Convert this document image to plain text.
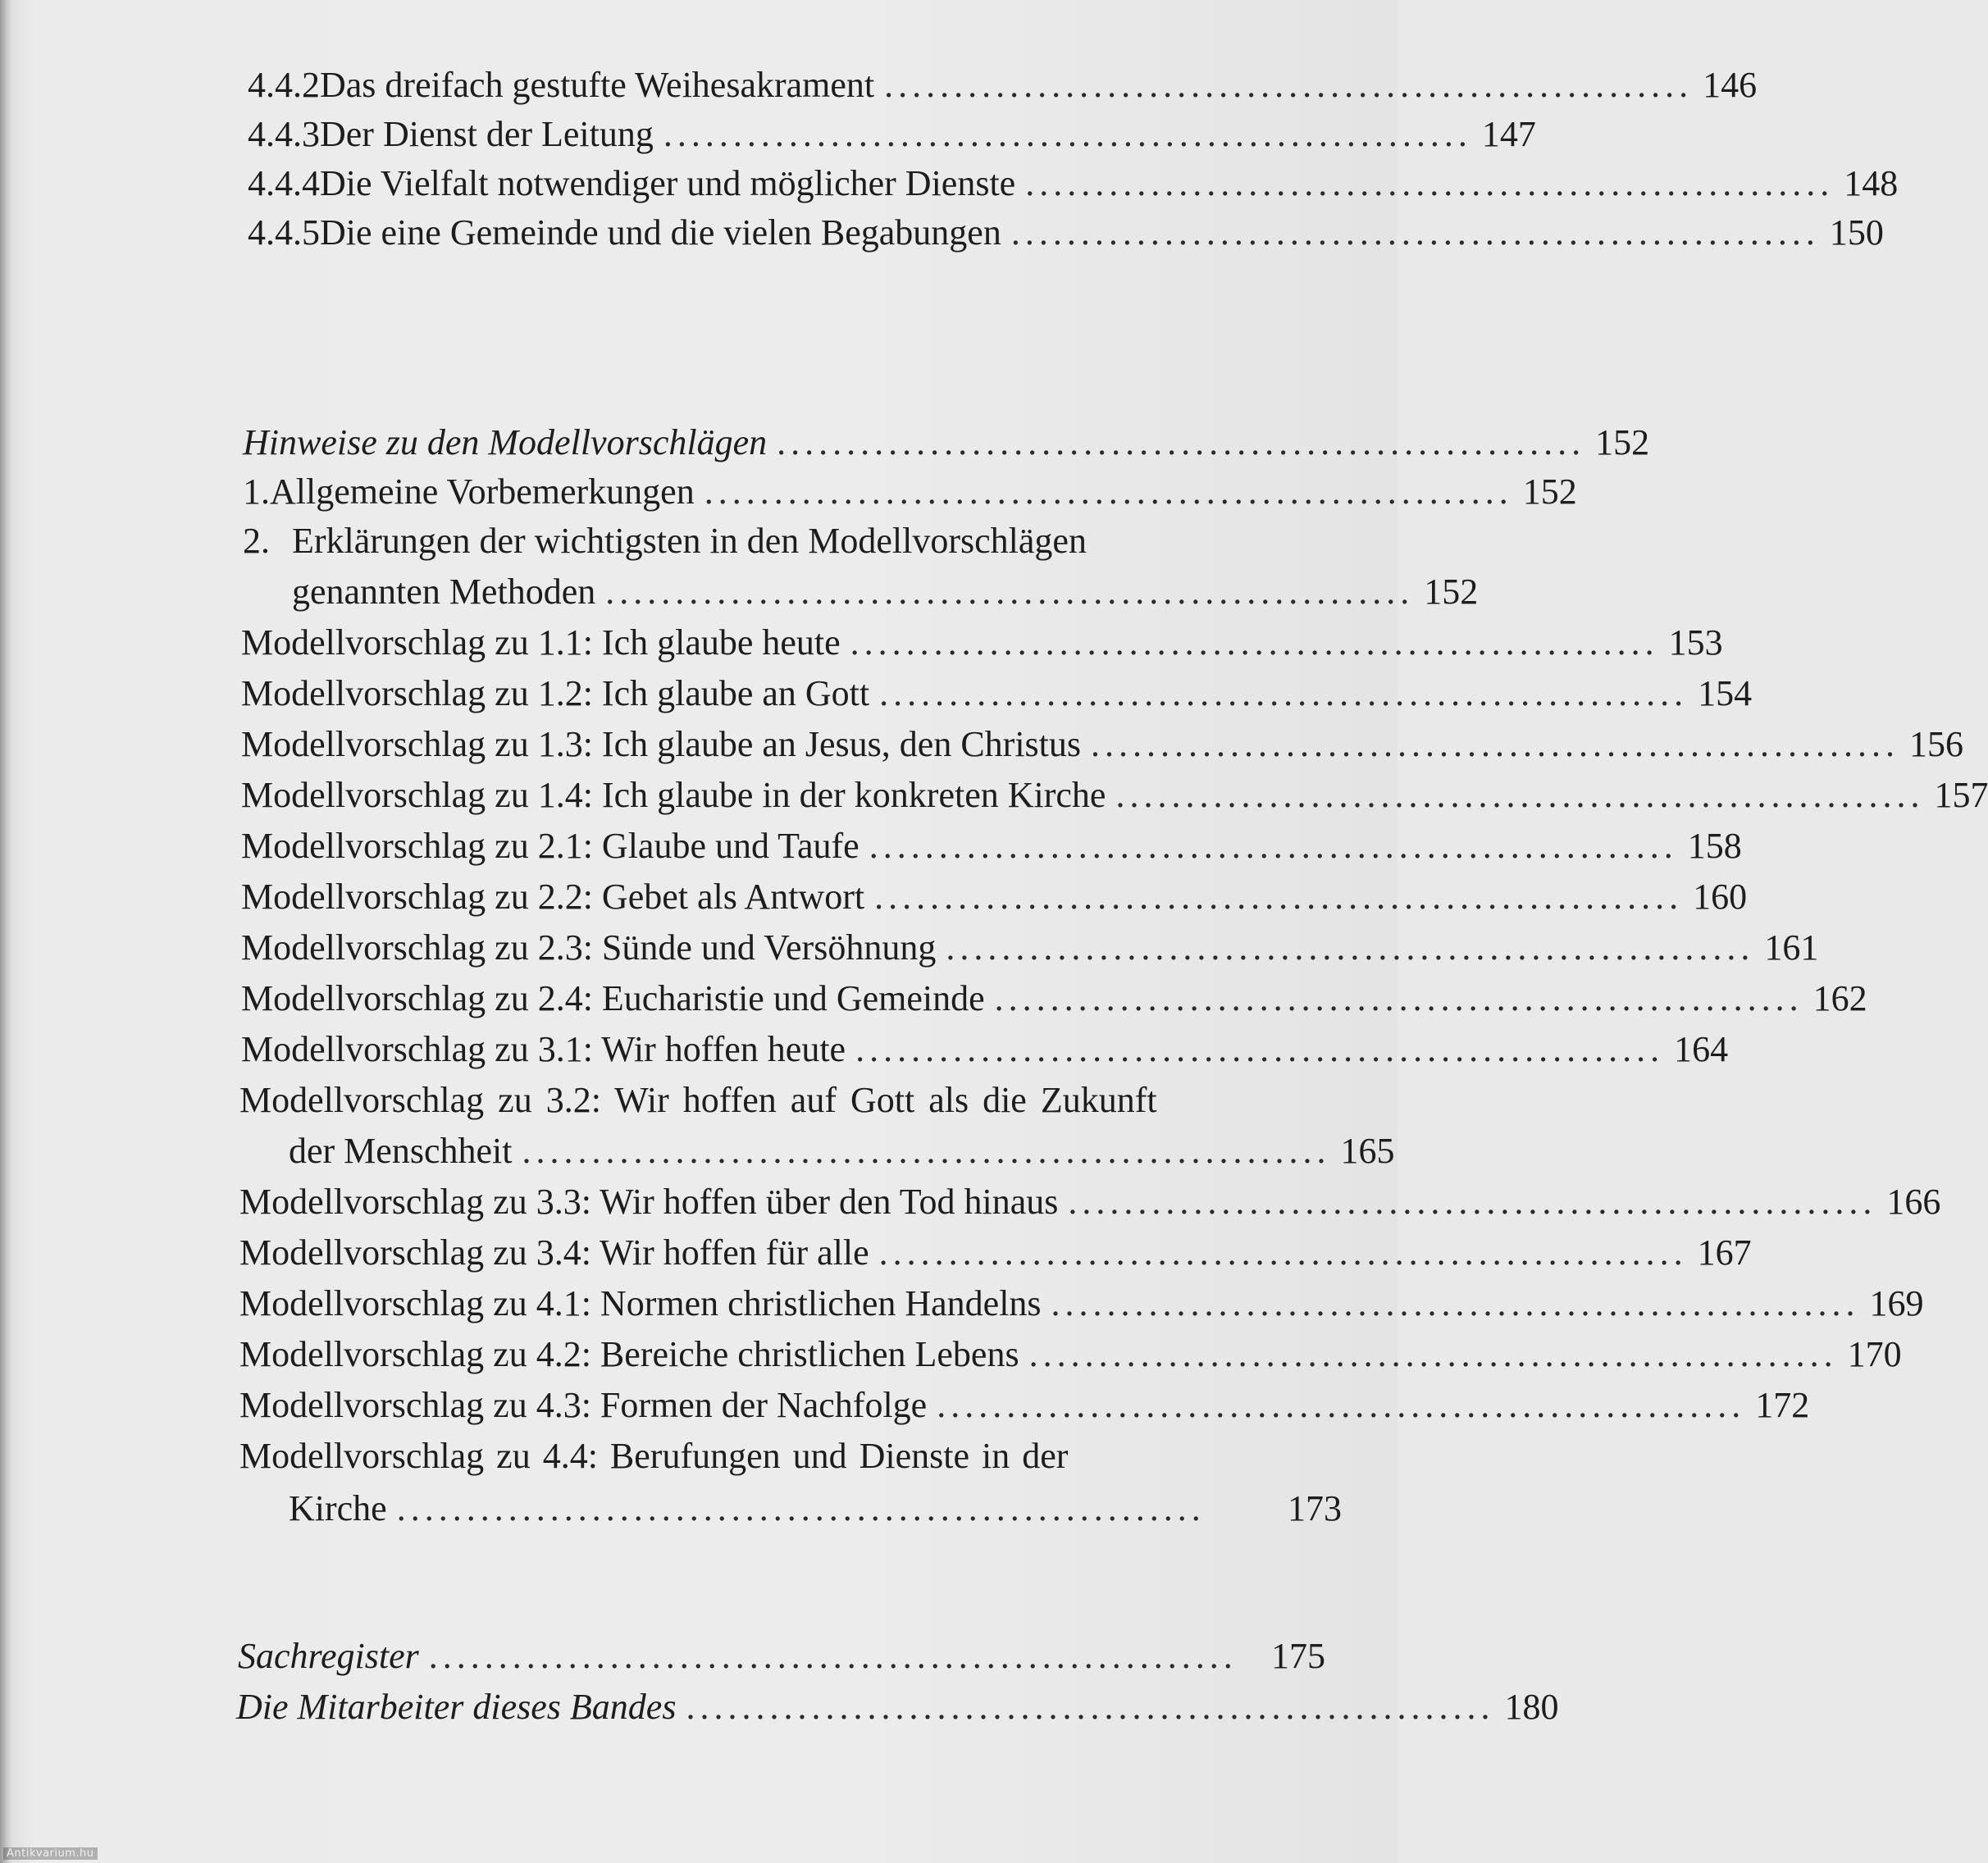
4.4.2 Das dreifach gestufte Weihesakrament .......................................................... 146
4.4.3 Der Dienst der Leitung .......................................................... 147
4.4.4 Die Vielfalt notwendiger und möglicher Dienste .......................................................... 148
4.4.5 Die eine Gemeinde und die vielen Begabungen .......................................................... 150
Hinweise zu den Modellvorschlägen .......................................................... 152
1. Allgemeine Vorbemerkungen .......................................................... 152
2. Erklärungen der wichtigsten in den Modellvorschlägen
genannten Methoden .......................................................... 152
Modellvorschlag zu 1.1: Ich glaube heute .......................................................... 153
Modellvorschlag zu 1.2: Ich glaube an Gott .......................................................... 154
Modellvorschlag zu 1.3: Ich glaube an Jesus, den Christus .......................................................... 156
Modellvorschlag zu 1.4: Ich glaube in der konkreten Kirche .......................................................... 157
Modellvorschlag zu 2.1: Glaube und Taufe .......................................................... 158
Modellvorschlag zu 2.2: Gebet als Antwort .......................................................... 160
Modellvorschlag zu 2.3: Sünde und Versöhnung .......................................................... 161
Modellvorschlag zu 2.4: Eucharistie und Gemeinde .......................................................... 162
Modellvorschlag zu 3.1: Wir hoffen heute .......................................................... 164
Modellvorschlag zu 3.2: Wir hoffen auf Gott als die Zukunft
der Menschheit .......................................................... 165
Modellvorschlag zu 3.3: Wir hoffen über den Tod hinaus .......................................................... 166
Modellvorschlag zu 3.4: Wir hoffen für alle .......................................................... 167
Modellvorschlag zu 4.1: Normen christlichen Handelns .......................................................... 169
Modellvorschlag zu 4.2: Bereiche christlichen Lebens .......................................................... 170
Modellvorschlag zu 4.3: Formen der Nachfolge .......................................................... 172
Modellvorschlag zu 4.4: Berufungen und Dienste in der
Kirche ..........................................................	173
Sachregister .......................................................... 175
Die Mitarbeiter dieses Bandes .......................................................... 180
Antikvarium.hu
